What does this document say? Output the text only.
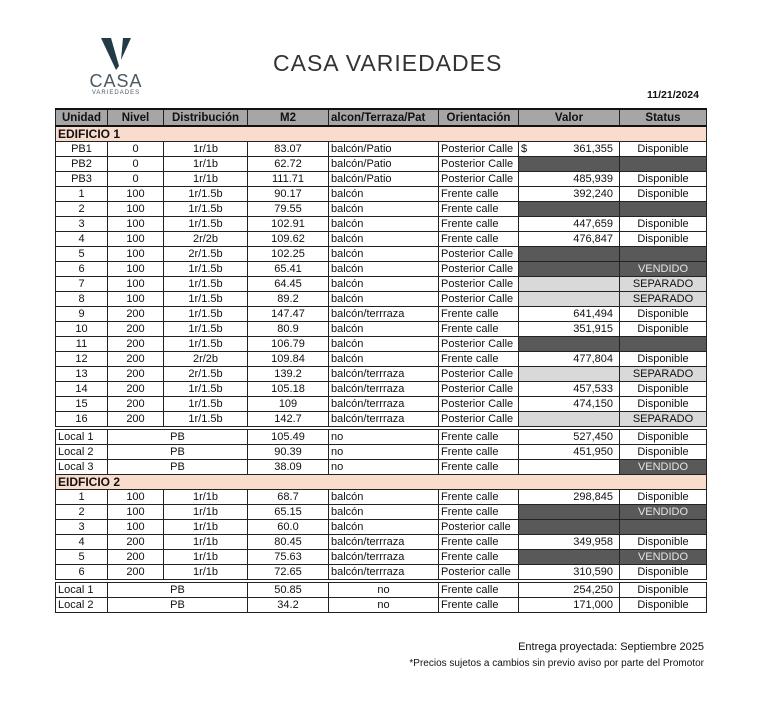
CASA
VARIEDADES
CASA VARIEDADES
11/21/2024
Unidad	Nivel	Distribución	M2	alcon/Terraza/Pat	Orientación	Valor	Status
EDIFICIO 1							
PB1	0	1r/1b	83.07	balcón/Patio	Posterior Calle	$ 361,355	Disponible
PB2	0	1r/1b	62.72	balcón/Patio	Posterior Calle		
PB3	0	1r/1b	111.71	balcón/Patio	Posterior Calle	485,939	Disponible
1	100	1r/1.5b	90.17	balcón	Frente calle	392,240	Disponible
2	100	1r/1.5b	79.55	balcón	Frente calle		
3	100	1r/1.5b	102.91	balcón	Frente calle	447,659	Disponible
4	100	2r/2b	109.62	balcón	Frente calle	476,847	Disponible
5	100	2r/1.5b	102.25	balcón	Posterior Calle		
6	100	1r/1.5b	65.41	balcón	Posterior Calle		VENDIDO
7	100	1r/1.5b	64.45	balcón	Posterior Calle		SEPARADO
8	100	1r/1.5b	89.2	balcón	Posterior Calle		SEPARADO
9	200	1r/1.5b	147.47	balcón/terrraza	Frente calle	641,494	Disponible
10	200	1r/1.5b	80.9	balcón	Frente calle	351,915	Disponible
11	200	1r/1.5b	106.79	balcón	Posterior Calle		
12	200	2r/2b	109.84	balcón	Frente calle	477,804	Disponible
13	200	2r/1.5b	139.2	balcón/terrraza	Posterior Calle		SEPARADO
14	200	1r/1.5b	105.18	balcón/terrraza	Posterior Calle	457,533	Disponible
15	200	1r/1.5b	109	balcón/terrraza	Posterior Calle	474,150	Disponible
16	200	1r/1.5b	142.7	balcón/terrraza	Posterior Calle		SEPARADO

Local 1	PB		105.49	no	Frente calle	527,450	Disponible
Local 2	PB		90.39	no	Frente calle	451,950	Disponible
Local 3	PB		38.09	no	Frente calle		VENDIDO
EIDFICIO 2							
1	100	1r/1b	68.7	balcón	Frente calle	298,845	Disponible
2	100	1r/1b	65.15	balcón	Frente calle		VENDIDO
3	100	1r/1b	60.0	balcón	Posterior calle		
4	200	1r/1b	80.45	balcón/terrraza	Frente calle	349,958	Disponible
5	200	1r/1b	75.63	balcón/terrraza	Frente calle		VENDIDO
6	200	1r/1b	72.65	balcón/terrraza	Posterior calle	310,590	Disponible

Local 1	PB		50.85	no	Frente calle	254,250	Disponible
Local 2	PB		34.2	no	Frente calle	171,000	Disponible
Entrega proyectada: Septiembre 2025
*Precios sujetos a cambios sin previo aviso por parte del Promotor
